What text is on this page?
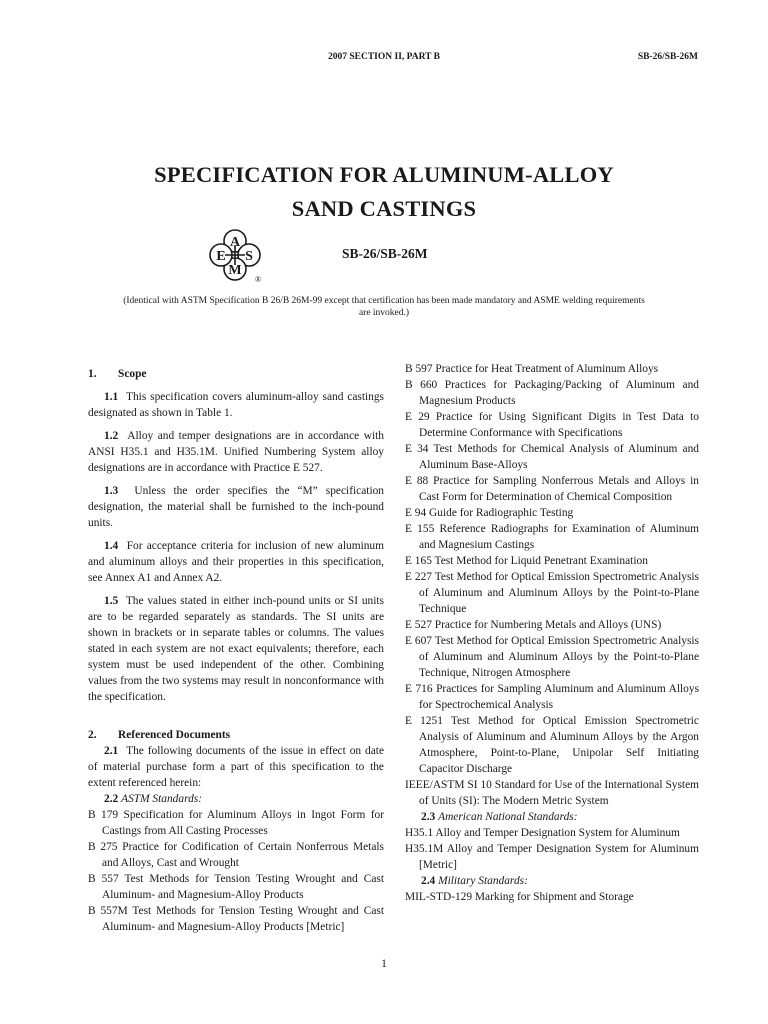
2007 SECTION II, PART B	SB-26/SB-26M
SPECIFICATION FOR ALUMINUM-ALLOY
SAND CASTINGS
A
S
M
E
®
SB-26/SB-26M
(Identical with ASTM Specification B 26/B 26M-99 except that certification has been made mandatory and ASME welding requirements
are invoked.)

1. Scope

1.1 This specification covers aluminum-alloy sand castings designated as shown in Table 1.

1.2 Alloy and temper designations are in accordance with ANSI H35.1 and H35.1M. Unified Numbering System alloy designations are in accordance with Practice E 527.

1.3 Unless the order specifies the “M” specification designation, the material shall be furnished to the inch-pound units.

1.4 For acceptance criteria for inclusion of new aluminum and aluminum alloys and their properties in this specification, see Annex A1 and Annex A2.

1.5 The values stated in either inch-pound units or SI units are to be regarded separately as standards. The SI units are shown in brackets or in separate tables or columns. The values stated in each system are not exact equivalents; therefore, each system must be used independent of the other. Combining values from the two systems may result in nonconformance with the specification.

2. Referenced Documents

2.1 The following documents of the issue in effect on date of material purchase form a part of this specification to the extent referenced herein:

2.2 ASTM Standards:

B 179 Specification for Aluminum Alloys in Ingot Form for Castings from All Casting Processes

B 275 Practice for Codification of Certain Nonferrous Metals and Alloys, Cast and Wrought

B 557 Test Methods for Tension Testing Wrought and Cast Aluminum- and Magnesium-Alloy Products

B 557M Test Methods for Tension Testing Wrought and Cast Aluminum- and Magnesium-Alloy Products [Metric]

B 597 Practice for Heat Treatment of Aluminum Alloys

B 660 Practices for Packaging/Packing of Aluminum and Magnesium Products

E 29 Practice for Using Significant Digits in Test Data to Determine Conformance with Specifications

E 34 Test Methods for Chemical Analysis of Aluminum and Aluminum Base-Alloys

E 88 Practice for Sampling Nonferrous Metals and Alloys in Cast Form for Determination of Chemical Composition

E 94 Guide for Radiographic Testing

E 155 Reference Radiographs for Examination of Aluminum and Magnesium Castings

E 165 Test Method for Liquid Penetrant Examination

E 227 Test Method for Optical Emission Spectrometric Analysis of Aluminum and Aluminum Alloys by the Point-to-Plane Technique

E 527 Practice for Numbering Metals and Alloys (UNS)

E 607 Test Method for Optical Emission Spectrometric Analysis of Aluminum and Aluminum Alloys by the Point-to-Plane Technique, Nitrogen Atmosphere

E 716 Practices for Sampling Aluminum and Aluminum Alloys for Spectrochemical Analysis

E 1251 Test Method for Optical Emission Spectrometric Analysis of Aluminum and Aluminum Alloys by the Argon Atmosphere, Point-to-Plane, Unipolar Self Initiating Capacitor Discharge

IEEE/ASTM SI 10 Standard for Use of the International System of Units (SI): The Modern Metric System

2.3 American National Standards:

H35.1 Alloy and Temper Designation System for Aluminum

H35.1M Alloy and Temper Designation System for Aluminum [Metric]

2.4 Military Standards:

MIL-STD-129 Marking for Shipment and Storage

1
